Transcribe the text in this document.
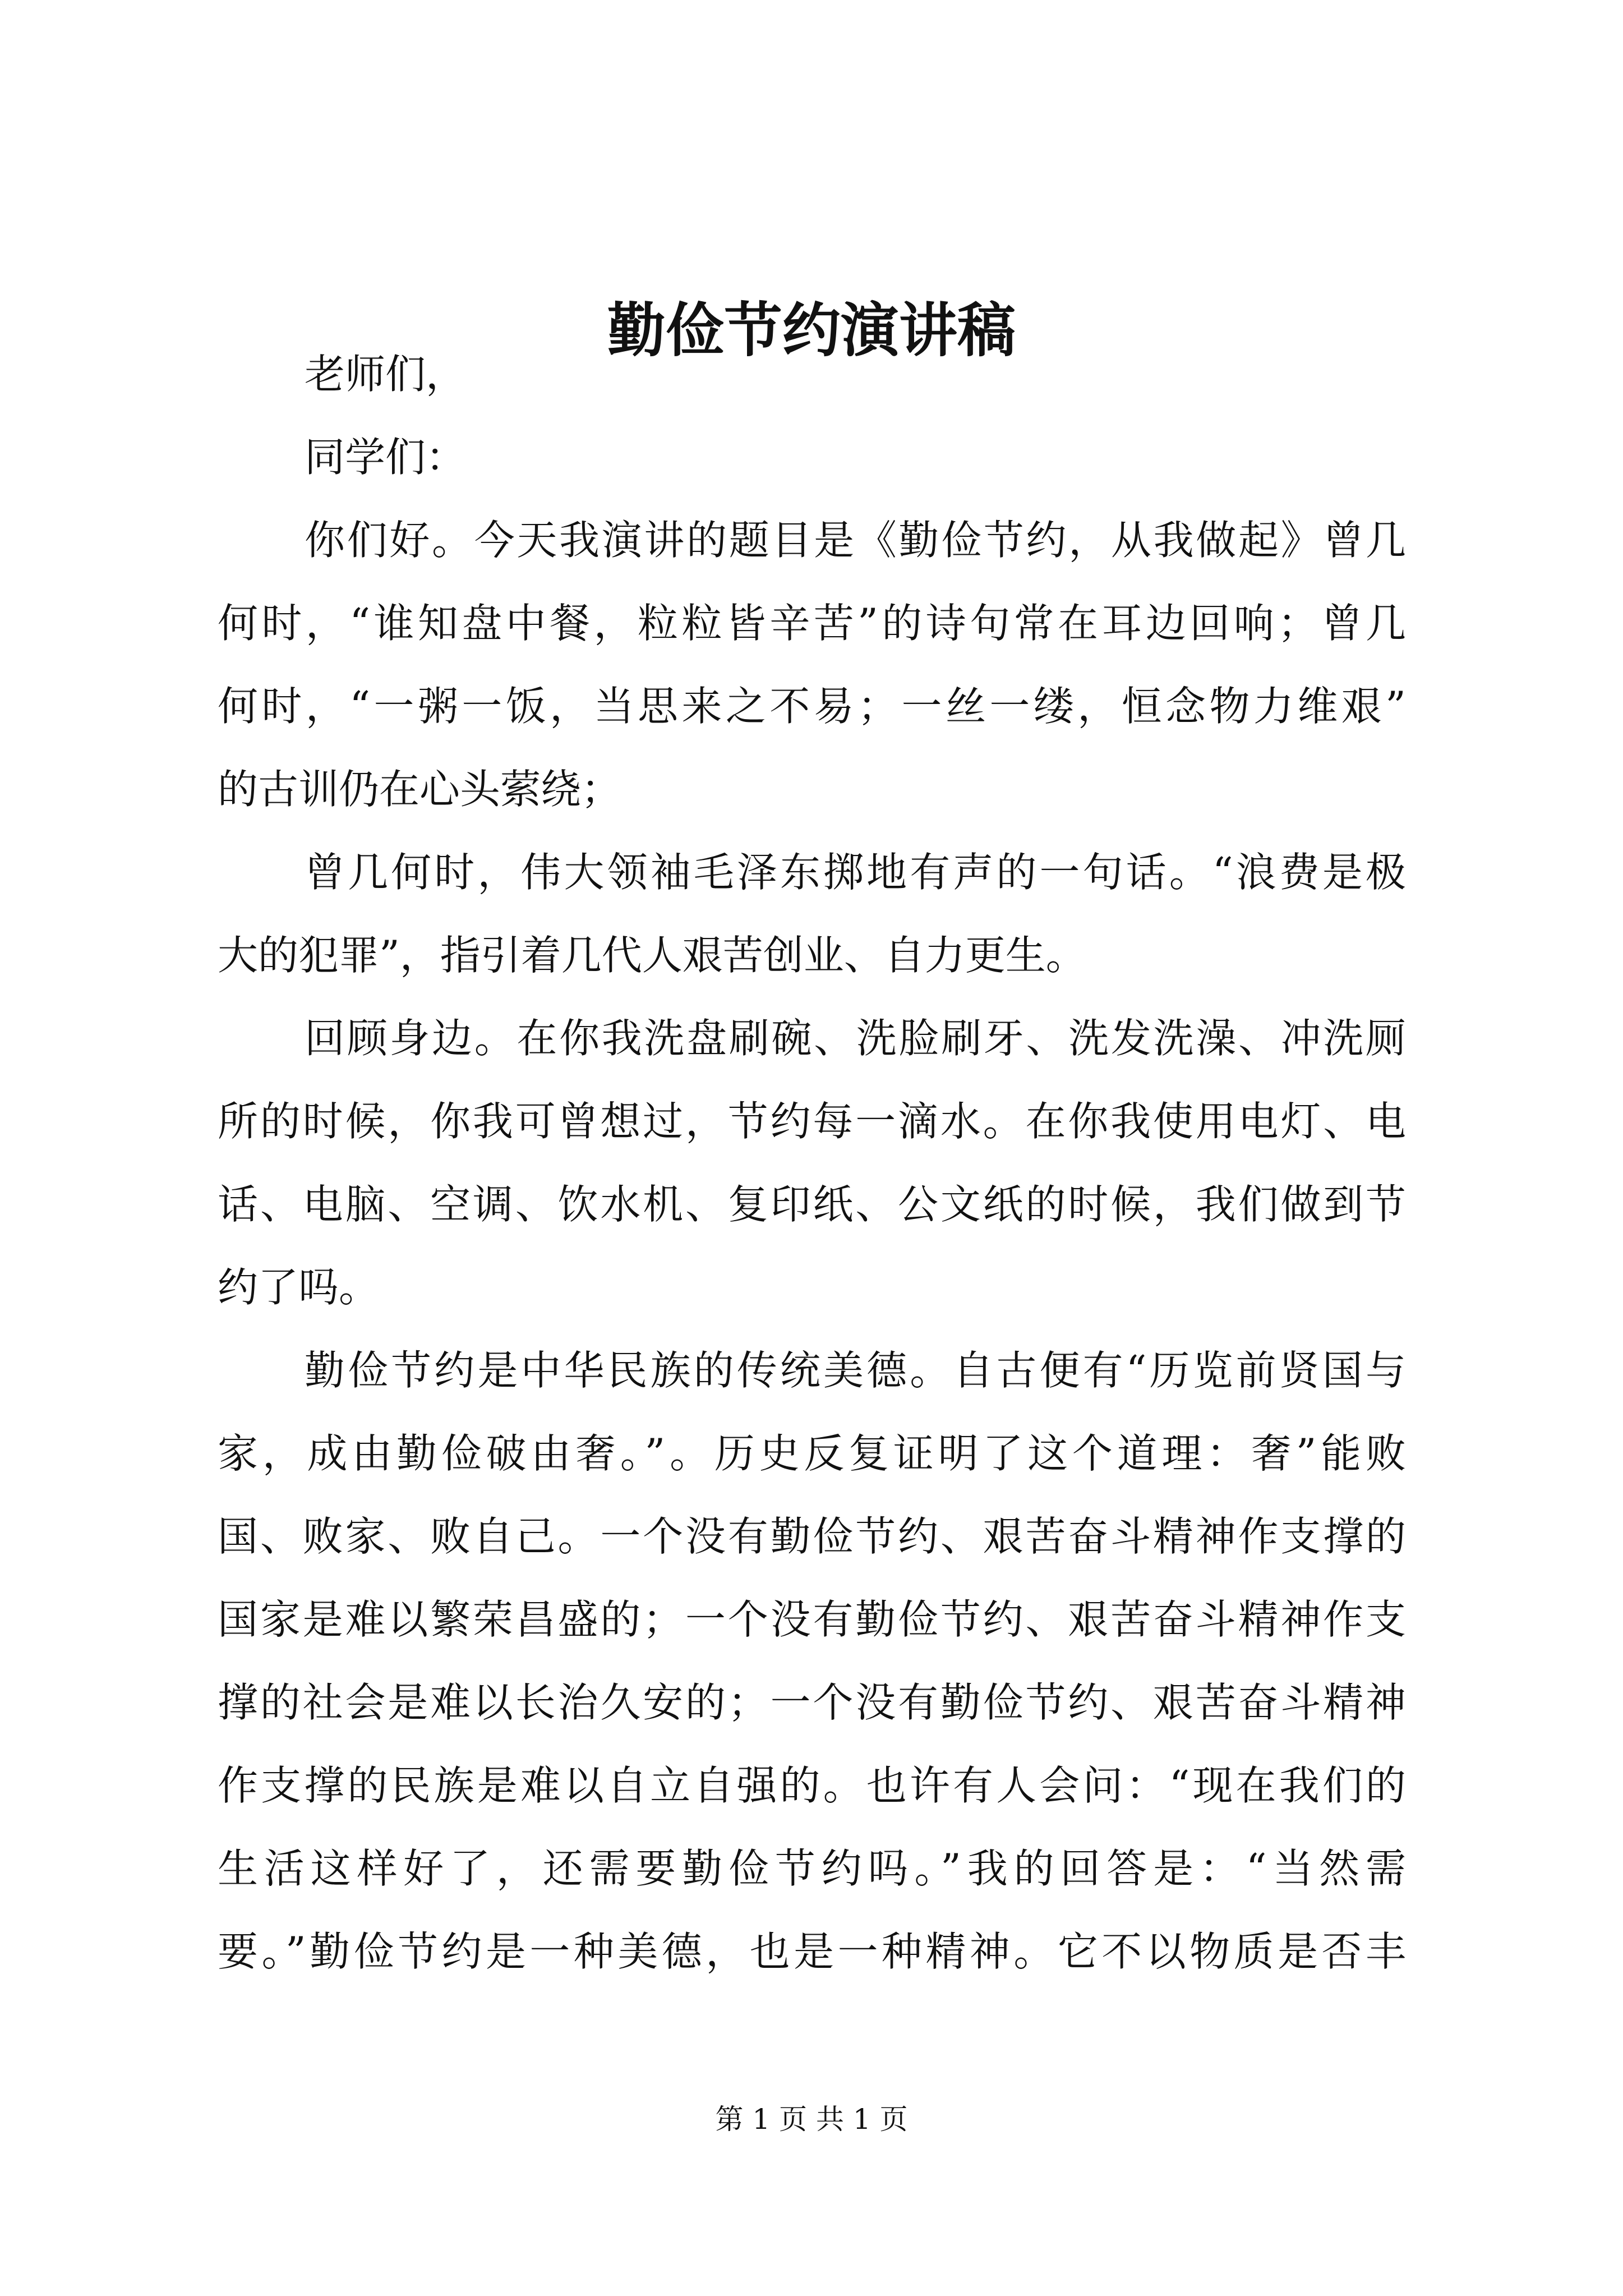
勤俭节约演讲稿
老师们，
同学们：
你们好。今天我演讲的题目是《勤俭节约，从我做起》曾几
何时，“谁知盘中餐，粒粒皆辛苦”的诗句常在耳边回响；曾几
何时，“一粥一饭，当思来之不易；一丝一缕，恒念物力维艰”
的古训仍在心头萦绕；
曾几何时，伟大领袖毛泽东掷地有声的一句话。“浪费是极
大的犯罪”，指引着几代人艰苦创业、自力更生。
回顾身边。在你我洗盘刷碗、洗脸刷牙、洗发洗澡、冲洗厕
所的时候，你我可曾想过，节约每一滴水。在你我使用电灯、电
话、电脑、空调、饮水机、复印纸、公文纸的时候，我们做到节
约了吗。
勤俭节约是中华民族的传统美德。自古便有“历览前贤国与
家，成由勤俭破由奢。”。历史反复证明了这个道理：奢”能败
国、败家、败自己。一个没有勤俭节约、艰苦奋斗精神作支撑的
国家是难以繁荣昌盛的；一个没有勤俭节约、艰苦奋斗精神作支
撑的社会是难以长治久安的；一个没有勤俭节约、艰苦奋斗精神
作支撑的民族是难以自立自强的。也许有人会问：“现在我们的
生活这样好了，还需要勤俭节约吗。”我的回答是：“当然需
要。”勤俭节约是一种美德，也是一种精神。它不以物质是否丰
第 1 页 共 1 页
